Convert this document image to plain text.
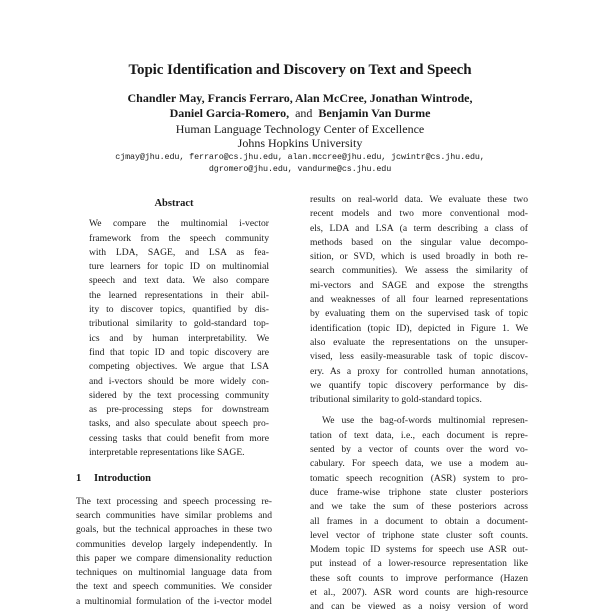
Topic Identification and Discovery on Text and Speech
Chandler May, Francis Ferraro, Alan McCree, Jonathan Wintrode,
Daniel Garcia-Romero, and Benjamin Van Durme
Human Language Technology Center of Excellence
Johns Hopkins University
cjmay@jhu.edu, ferraro@cs.jhu.edu, alan.mccree@jhu.edu, jcwintr@cs.jhu.edu,
dgromero@jhu.edu, vandurme@cs.jhu.edu
Abstract
We compare the multinomial i-vector
framework from the speech community
with LDA, SAGE, and LSA as fea-
ture learners for topic ID on multinomial
speech and text data. We also compare
the learned representations in their abil-
ity to discover topics, quantified by dis-
tributional similarity to gold-standard top-
ics and by human interpretability. We
find that topic ID and topic discovery are
competing objectives. We argue that LSA
and i-vectors should be more widely con-
sidered by the text processing community
as pre-processing steps for downstream
tasks, and also speculate about speech pro-
cessing tasks that could benefit from more
interpretable representations like SAGE.
1 Introduction
The text processing and speech processing re-
search communities have similar problems and
goals, but the technical approaches in these two
communities develop largely independently. In
this paper we compare dimensionality reduction
techniques on multinomial language data from
the text and speech communities. We consider
a multinomial formulation of the i-vector model
results on real-world data. We evaluate these two
recent models and two more conventional mod-
els, LDA and LSA (a term describing a class of
methods based on the singular value decompo-
sition, or SVD, which is used broadly in both re-
search communities). We assess the similarity of
mi-vectors and SAGE and expose the strengths
and weaknesses of all four learned representations
by evaluating them on the supervised task of topic
identification (topic ID), depicted in Figure 1. We
also evaluate the representations on the unsuper-
vised, less easily-measurable task of topic discov-
ery. As a proxy for controlled human annotations,
we quantify topic discovery performance by dis-
tributional similarity to gold-standard topics.
We use the bag-of-words multinomial represen-
tation of text data, i.e., each document is repre-
sented by a vector of counts over the word vo-
cabulary. For speech data, we use a modem au-
tomatic speech recognition (ASR) system to pro-
duce frame-wise triphone state cluster posteriors
and we take the sum of these posteriors across
all frames in a document to obtain a document-
level vector of triphone state cluster soft counts.
Modem topic ID systems for speech use ASR out-
put instead of a lower-resource representation like
these soft counts to improve performance (Hazen
et al., 2007). ASR word counts are high-resource
and can be viewed as a noisy version of word
